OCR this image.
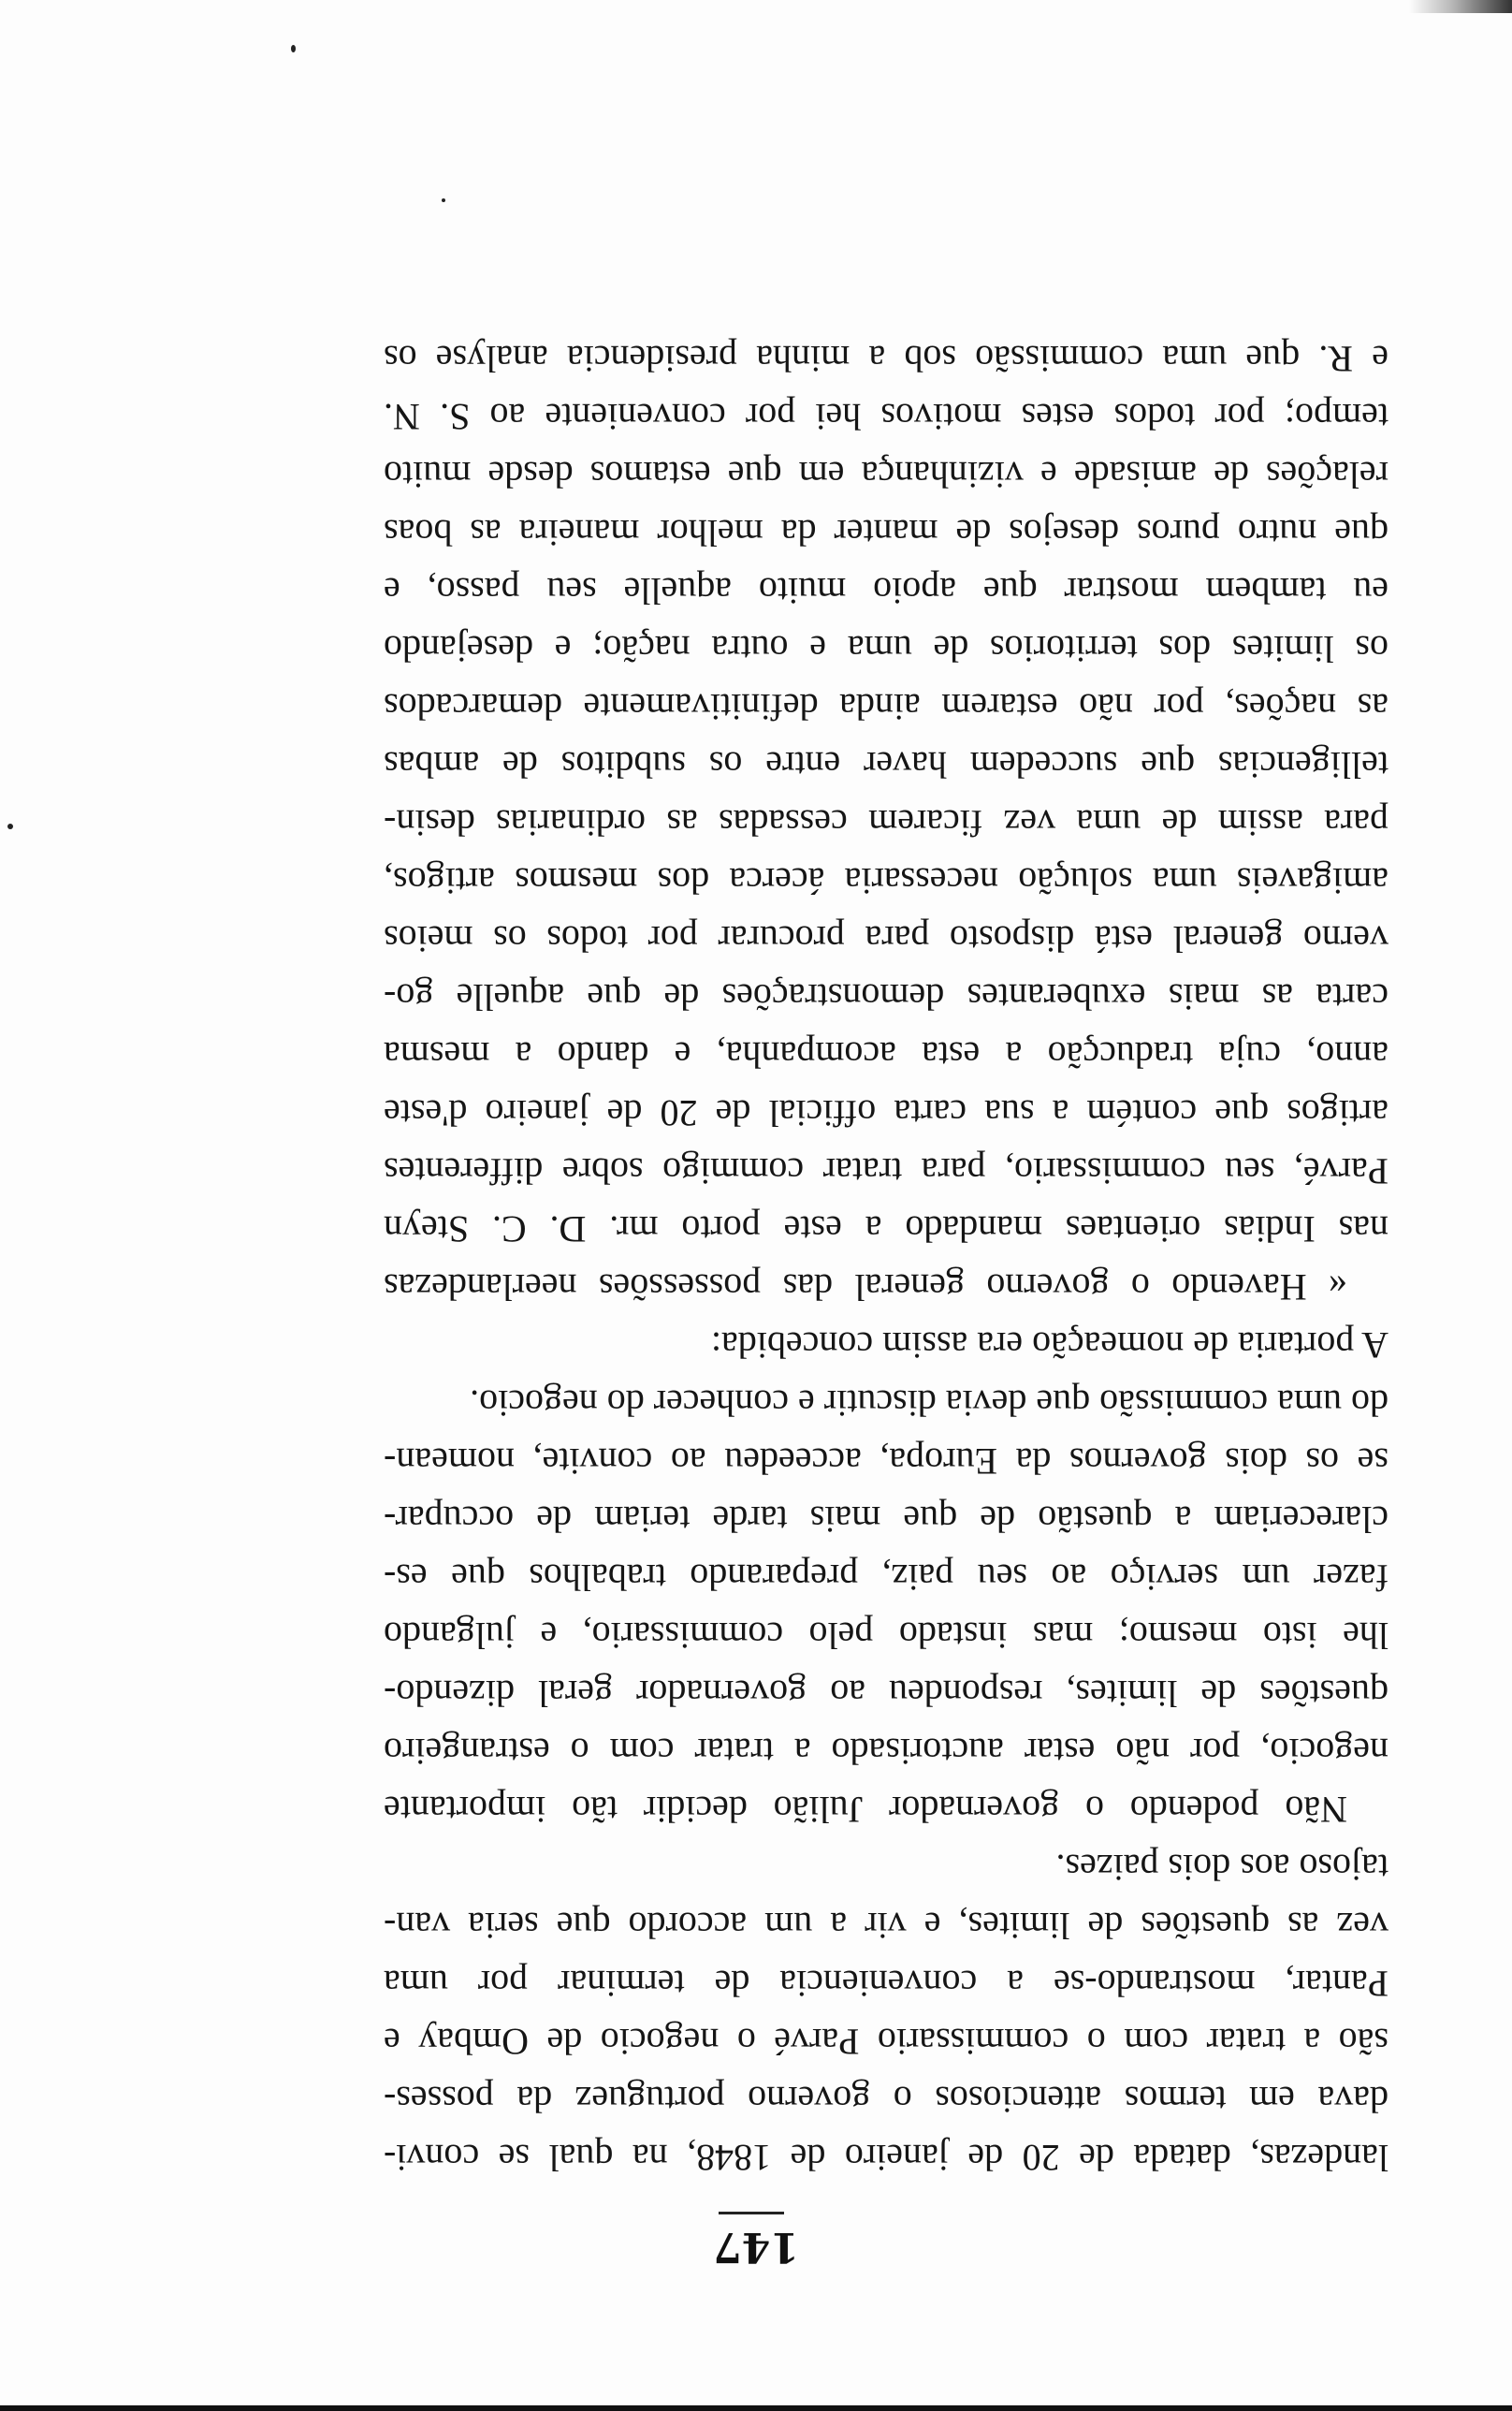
147
landezas, datada de 20 de janeiro de 1848, na qual se convi-
dava em termos attenciosos o governo portuguez da posses-
são a tratar com o commissario Parvé o negocio de Ombay e
Pantar, mostrando-se a conveniencia de terminar por uma
vez as questões de limites, e vir a um accordo que seria van-
tajoso aos dois paizes.
Não podendo o governador Julião decidir tão importante
negocio, por não estar auctorisado a tratar com o estrangeiro
questões de limites, respondeu ao governador geral dizendo-
lhe isto mesmo; mas instado pelo commissario, e julgando
fazer um serviço ao seu paiz, preparando trabalhos que es-
clareceriam a questão de que mais tarde teriam de occupar-
se os dois governos da Europa, acceedeu ao convite, nomean-
do uma commissão que devia discutir e conhecer do negocio.
A portaria de nomeação era assim concebida:
« Havendo o governo general das possessões neerlandezas
nas Indias orientaes mandado a este porto mr. D. C. Steyn
Parvé, seu commissario, para tratar commigo sobre differentes
artigos que contém a sua carta official de 20 de janeiro d'este
anno, cuja traducção a esta acompanha, e dando a mesma
carta as mais exuberantes demonstrações de que aquelle go-
verno general está disposto para procurar por todos os meios
amigaveis uma solução necessaria ácerca dos mesmos artigos,
para assim de uma vez ficarem cessadas as ordinarias desin-
telligencias que succedem haver entre os subditos de ambas
as nações, por não estarem ainda definitivamente demarcados
os limites dos territorios de uma e outra nação; e desejando
eu tambem mostrar que apoio muito aquelle seu passo, e
que nutro puros desejos de manter da melhor maneira as boas
relações de amisade e vizinhança em que estamos desde muito
tempo; por todos estes motivos hei por conveniente ao S. N.
e R. que uma commissão sob a minha presidencia analyse os
